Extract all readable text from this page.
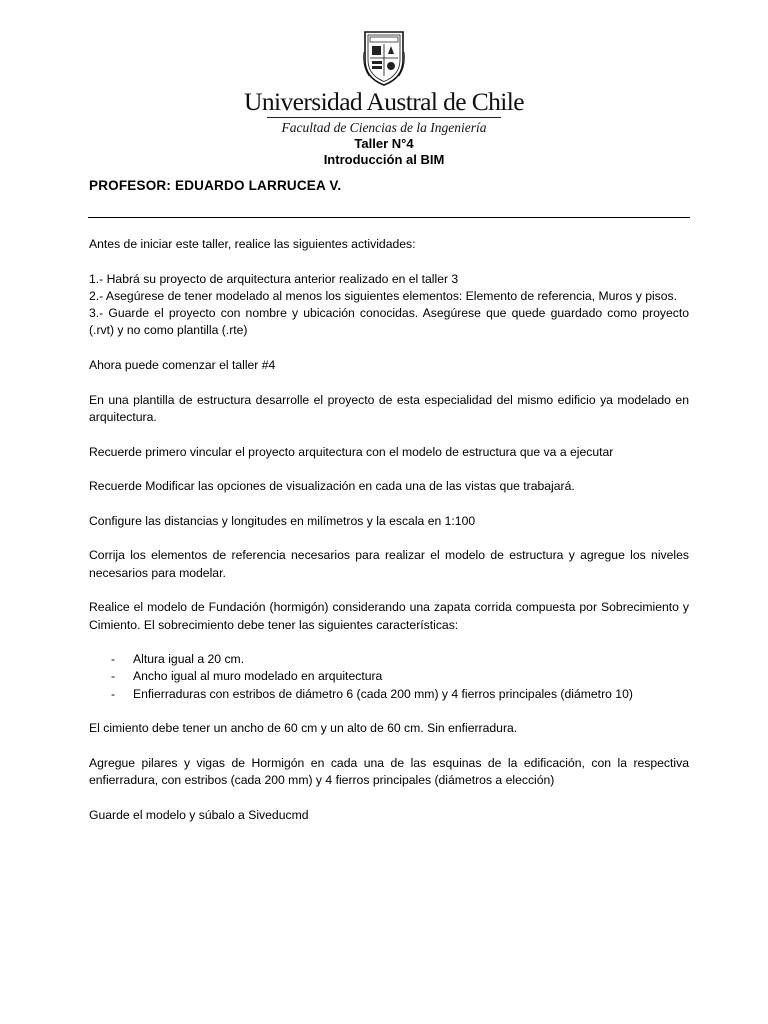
Universidad Austral de Chile
Facultad de Ciencias de la Ingeniería
Taller N°4
Introducción al BIM
PROFESOR: EDUARDO LARRUCEA V.

Antes de iniciar este taller, realice las siguientes actividades:

1.- Habrá su proyecto de arquitectura anterior realizado en el taller 3

2.- Asegúrese de tener modelado al menos los siguientes elementos: Elemento de referencia, Muros y pisos.

3.- Guarde el proyecto con nombre y ubicación conocidas. Asegúrese que quede guardado como proyecto (.rvt) y no como plantilla (.rte)

Ahora puede comenzar el taller #4

En una plantilla de estructura desarrolle el proyecto de esta especialidad del mismo edificio ya modelado en arquitectura.

Recuerde primero vincular el proyecto arquitectura con el modelo de estructura que va a ejecutar

Recuerde Modificar las opciones de visualización en cada una de las vistas que trabajará.

Configure las distancias y longitudes en milímetros y la escala en 1:100

Corrija los elementos de referencia necesarios para realizar el modelo de estructura y agregue los niveles necesarios para modelar.

Realice el modelo de Fundación (hormigón) considerando una zapata corrida compuesta por Sobrecimiento y Cimiento. El sobrecimiento debe tener las siguientes características:

- Altura igual a 20 cm.
- Ancho igual al muro modelado en arquitectura
- Enfierraduras con estribos de diámetro 6 (cada 200 mm) y 4 fierros principales (diámetro 10)

El cimiento debe tener un ancho de 60 cm y un alto de 60 cm. Sin enfierradura.

Agregue pilares y vigas de Hormigón en cada una de las esquinas de la edificación, con la respectiva enfierradura, con estribos (cada 200 mm) y 4 fierros principales (diámetros a elección)

Guarde el modelo y súbalo a Siveducmd
